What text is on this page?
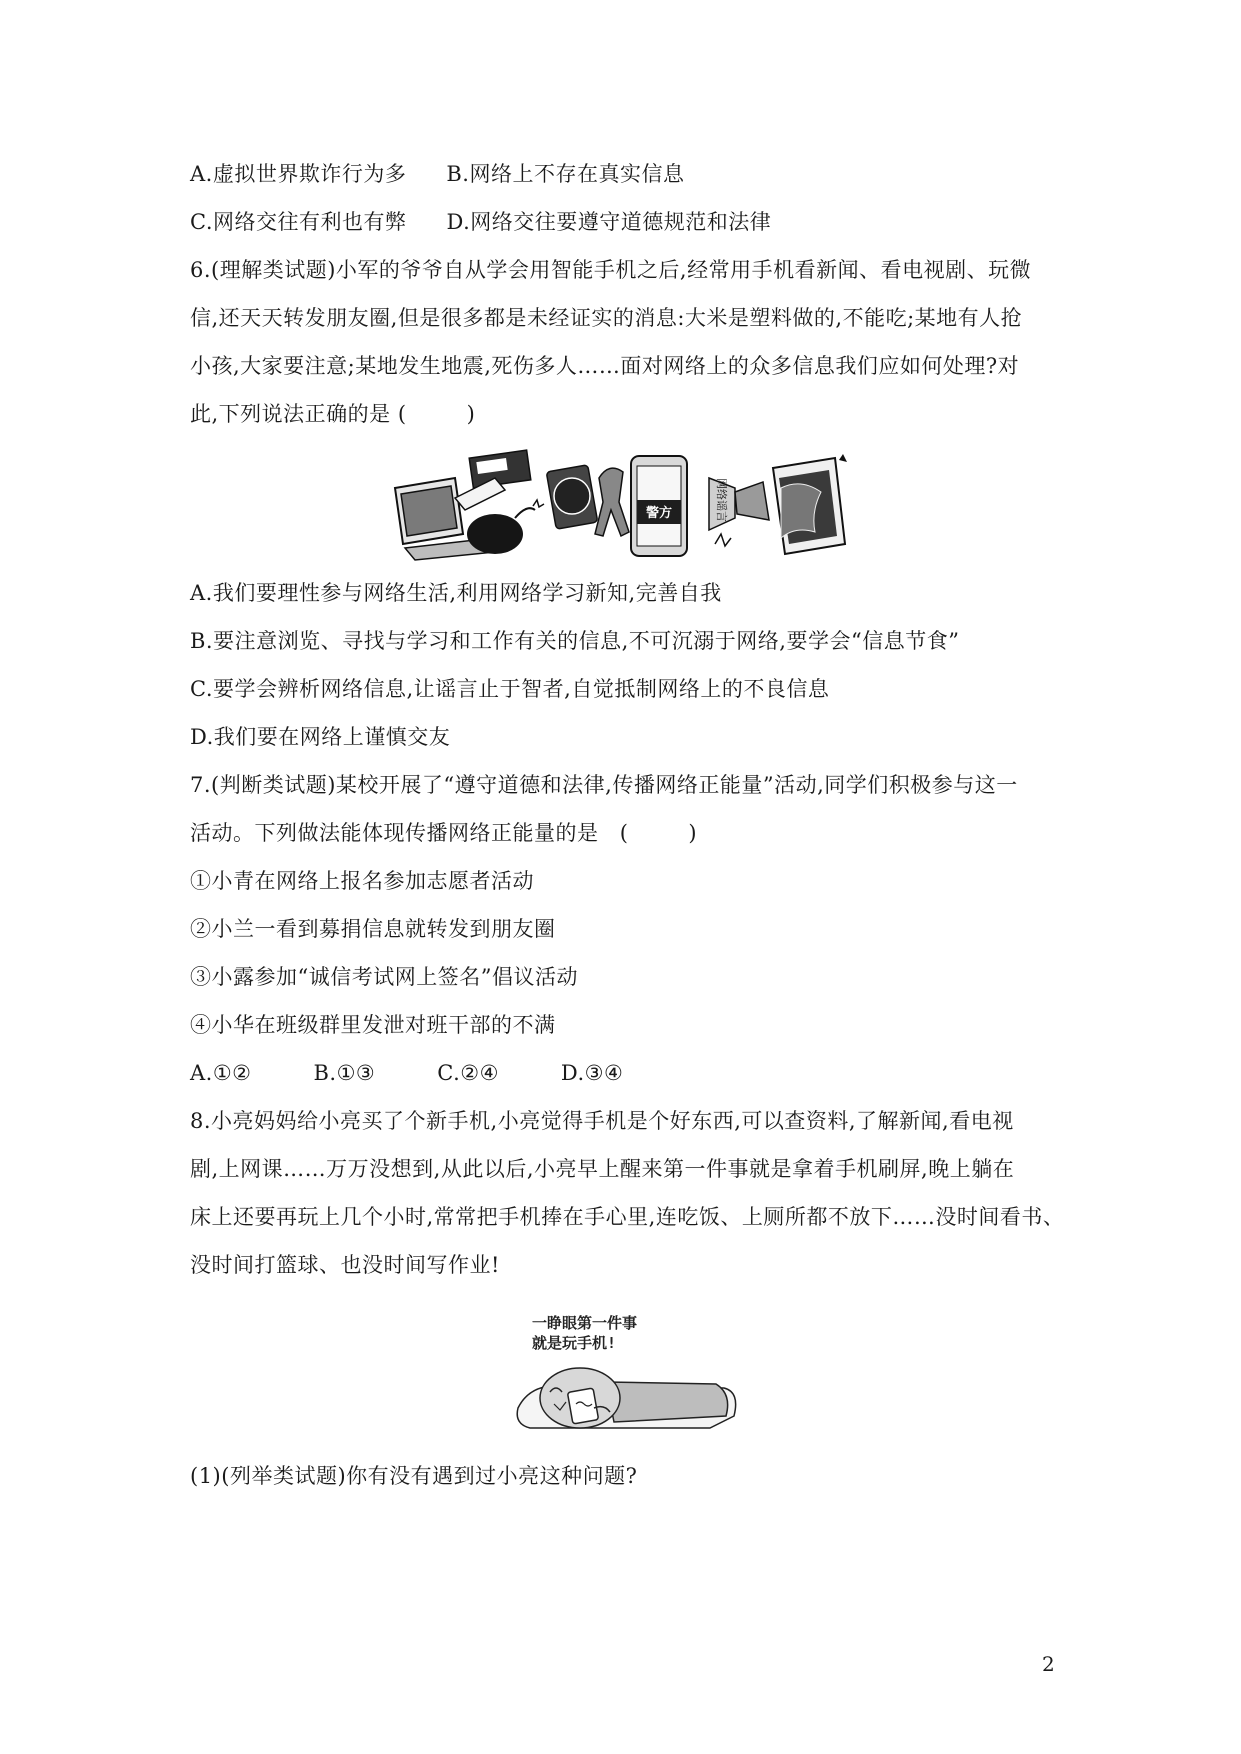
A.虚拟世界欺诈行为多 B.网络上不存在真实信息
C.网络交往有利也有弊 D.网络交往要遵守道德规范和法律
6.(理解类试题)小军的爷爷自从学会用智能手机之后,经常用手机看新闻、看电视剧、玩微
信,还天天转发朋友圈,但是很多都是未经证实的消息:大米是塑料做的,不能吃;某地有人抢
小孩,大家要注意;某地发生地震,死伤多人……面对网络上的众多信息我们应如何处理?对
此,下列说法正确的是 (	)
警方	网络谣言
A.我们要理性参与网络生活,利用网络学习新知,完善自我
B.要注意浏览、寻找与学习和工作有关的信息,不可沉溺于网络,要学会“信息节食”
C.要学会辨析网络信息,让谣言止于智者,自觉抵制网络上的不良信息
D.我们要在网络上谨慎交友
7.(判断类试题)某校开展了“遵守道德和法律,传播网络正能量”活动,同学们积极参与这一
活动。下列做法能体现传播网络正能量的是 (	)
①小青在网络上报名参加志愿者活动
②小兰一看到募捐信息就转发到朋友圈
③小露参加“诚信考试网上签名”倡议活动
④小华在班级群里发泄对班干部的不满
A.①②	B.①③	C.②④	D.③④
8.小亮妈妈给小亮买了个新手机,小亮觉得手机是个好东西,可以查资料,了解新闻,看电视
剧,上网课……万万没想到,从此以后,小亮早上醒来第一件事就是拿着手机刷屏,晚上躺在
床上还要再玩上几个小时,常常把手机捧在手心里,连吃饭、上厕所都不放下……没时间看书、
没时间打篮球、也没时间写作业!
一睁眼第一件事
就是玩手机!
(1)(列举类试题)你有没有遇到过小亮这种问题?
2
